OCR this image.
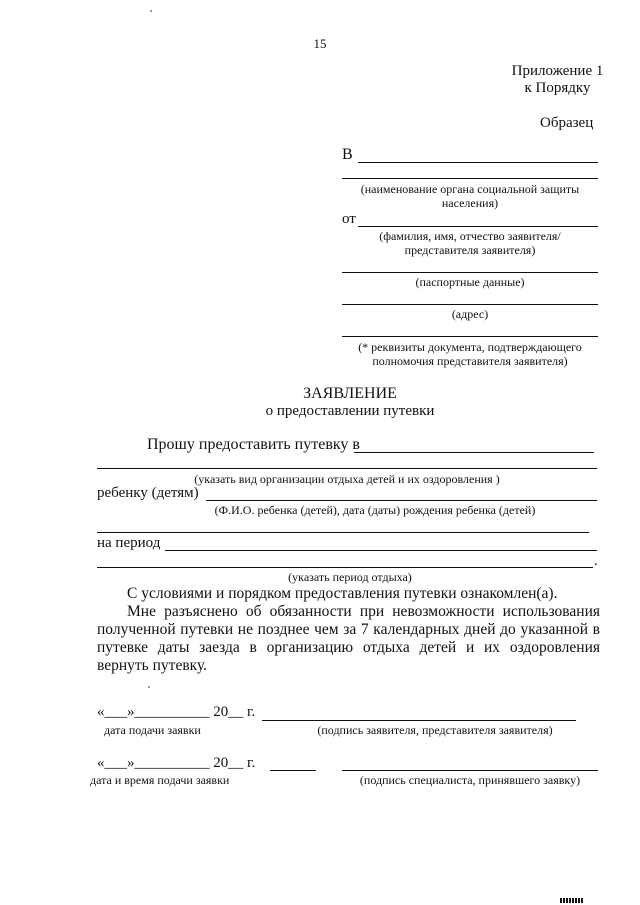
15
Приложение 1
к Порядку
Образец
В
(наименование органа социальной защиты
населения)
от
(фамилия, имя, отчество заявителя/
представителя заявителя)
(паспортные данные)
(адрес)
(* реквизиты документа, подтверждающего
полномочия представителя заявителя)
ЗАЯВЛЕНИЕ
о предоставлении путевки
Прошу предоставить путевку в
(указать вид организации отдыха детей и их оздоровления )
ребенку (детям)
(Ф.И.О. ребенка (детей), дата (даты) рождения ребенка (детей)
на период
.
(указать период отдыха)
С условиями и порядком предоставления путевки ознакомлен(а).
Мне разъяснено об обязанности при невозможности использования полученной путевки не позднее чем за 7 календарных дней до указанной в путевке даты заезда в организацию отдыха детей и их оздоровления вернуть путевку.
«___»__________ 20__ г.
дата подачи заявки	(подпись заявителя, представителя заявителя)
«___»__________ 20__ г.
дата и время подачи заявки	(подпись специалиста, принявшего заявку)
